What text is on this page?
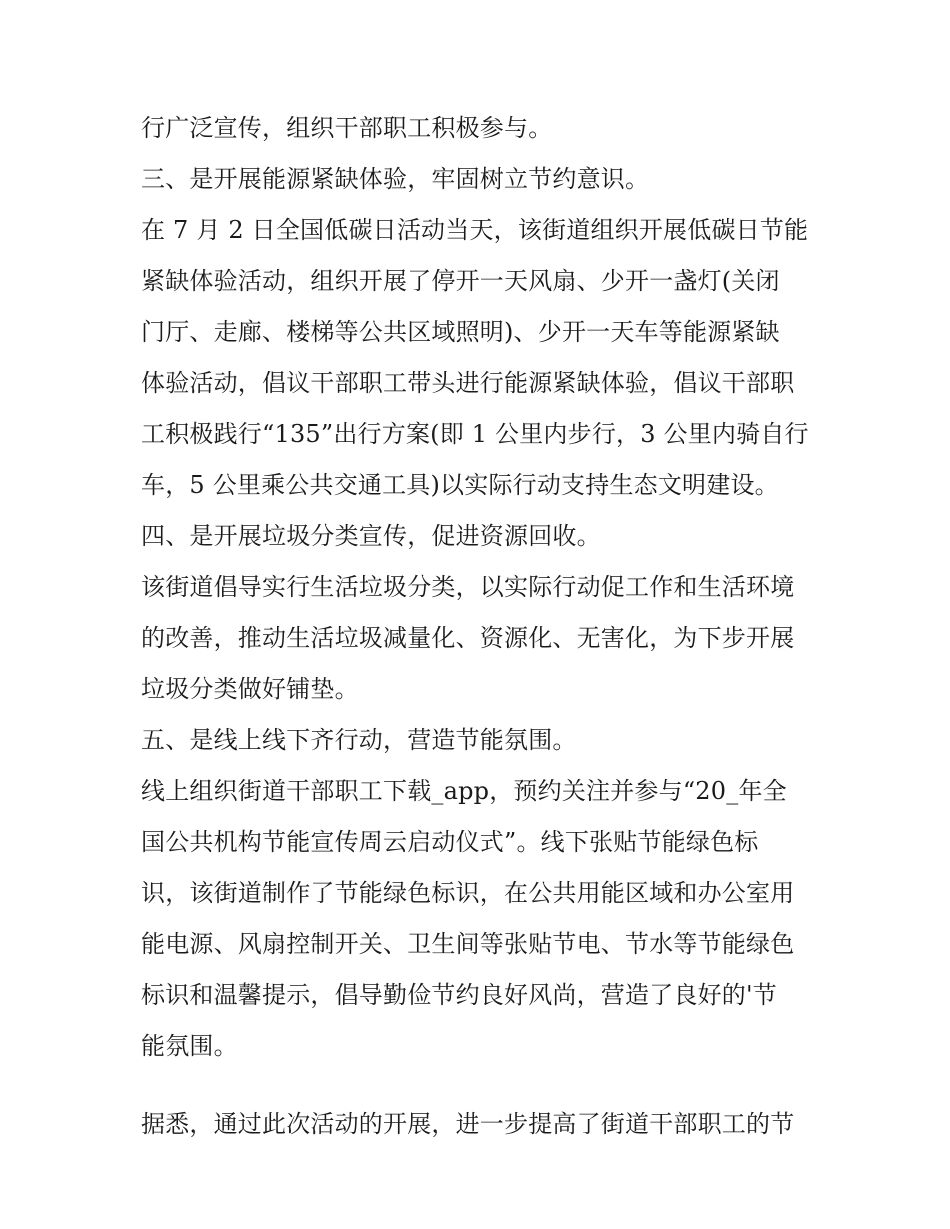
行广泛宣传，组织干部职工积极参与。
三、是开展能源紧缺体验，牢固树立节约意识。
在 7 月 2 日全国低碳日活动当天，该街道组织开展低碳日节能
紧缺体验活动，组织开展了停开一天风扇、少开一盏灯(关闭
门厅、走廊、楼梯等公共区域照明)、少开一天车等能源紧缺
体验活动，倡议干部职工带头进行能源紧缺体验，倡议干部职
工积极践行“135”出行方案(即 1 公里内步行，3 公里内骑自行
车，5 公里乘公共交通工具)以实际行动支持生态文明建设。
四、是开展垃圾分类宣传，促进资源回收。
该街道倡导实行生活垃圾分类，以实际行动促工作和生活环境
的改善，推动生活垃圾减量化、资源化、无害化，为下步开展
垃圾分类做好铺垫。
五、是线上线下齐行动，营造节能氛围。
线上组织街道干部职工下载_app，预约关注并参与“20_年全
国公共机构节能宣传周云启动仪式”。线下张贴节能绿色标
识，该街道制作了节能绿色标识，在公共用能区域和办公室用
能电源、风扇控制开关、卫生间等张贴节电、节水等节能绿色
标识和温馨提示，倡导勤俭节约良好风尚，营造了良好的'节
能氛围。
据悉，通过此次活动的开展，进一步提高了街道干部职工的节
